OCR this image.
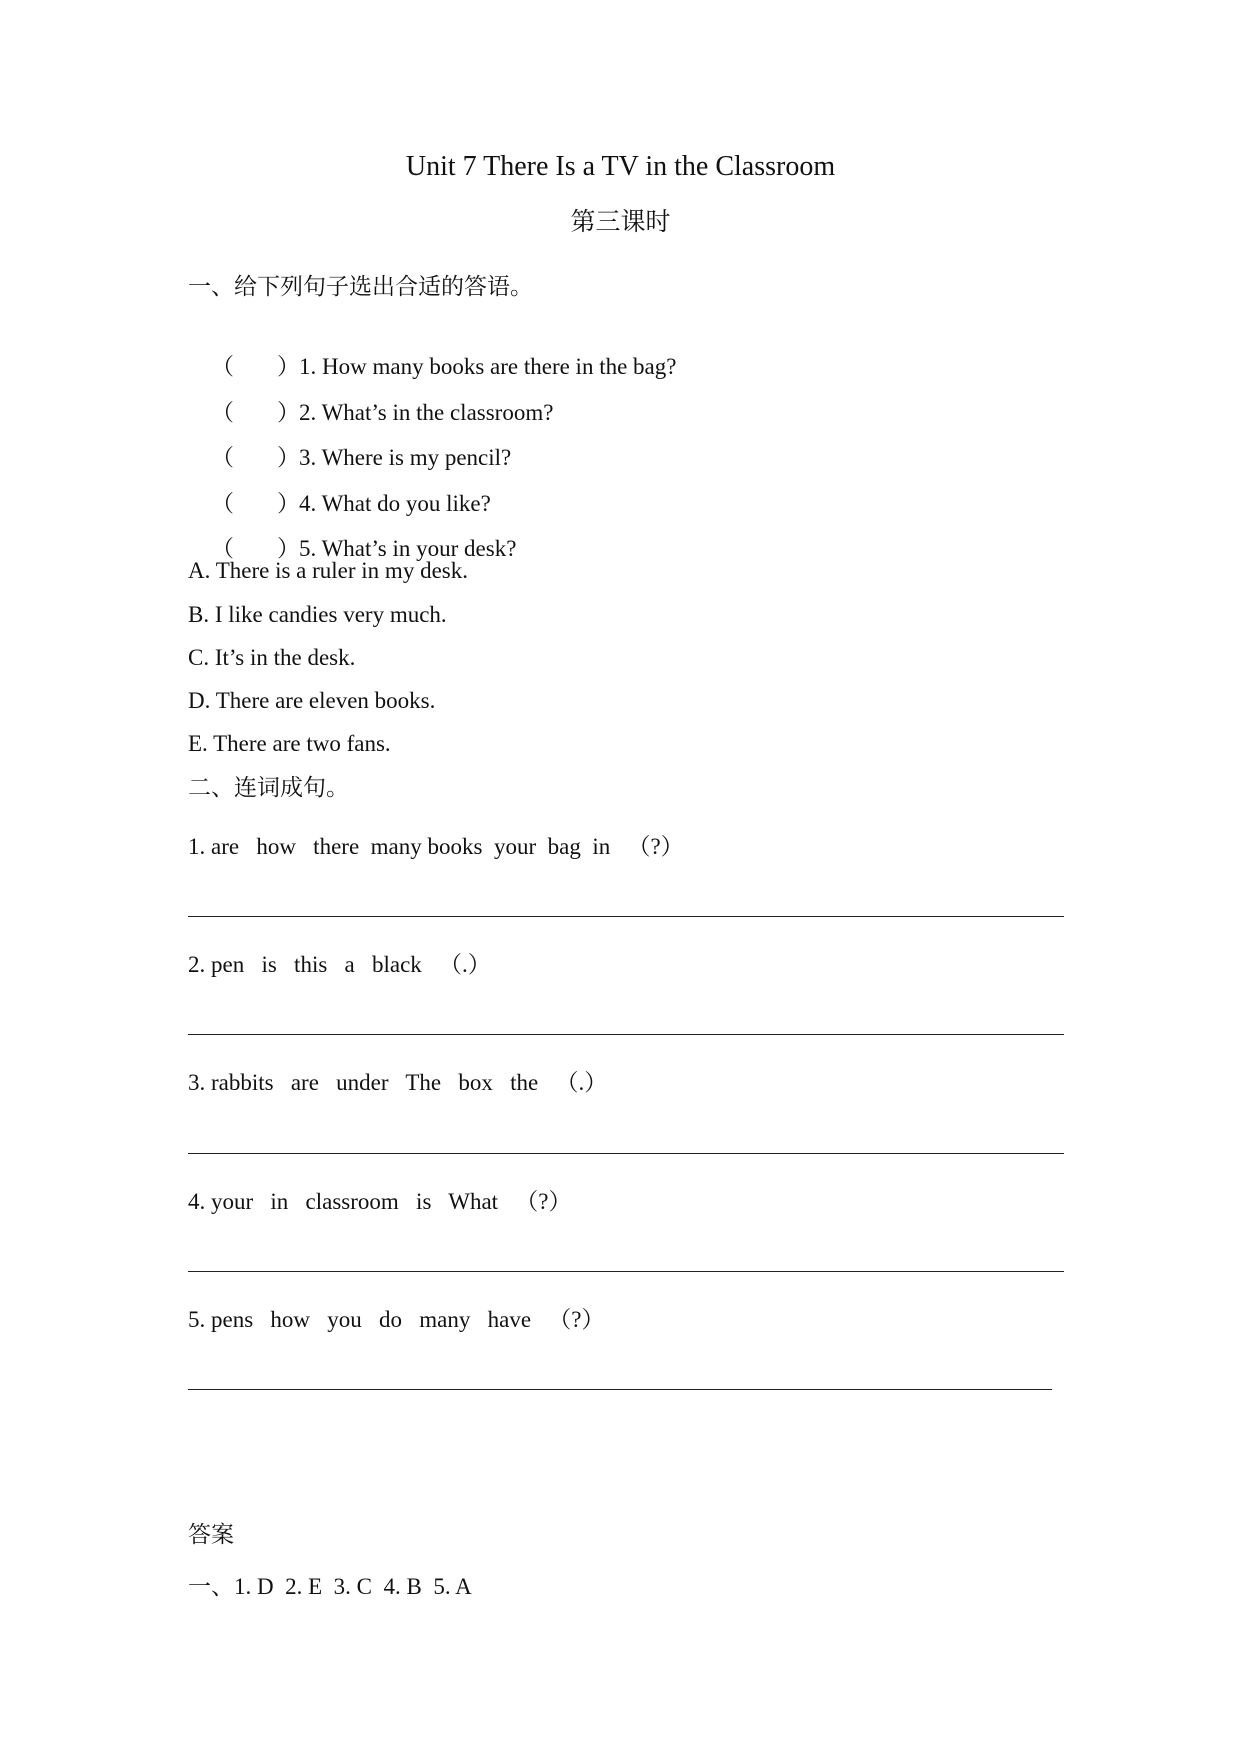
Unit 7 There Is a TV in the Classroom
第三课时
一、给下列句子选出合适的答语。

（ ）1. How many books are there in the bag?

（ ）2. What’s in the classroom?

（ ）3. Where is my pencil?

（ ）4. What do you like?

（ ）5. What’s in your desk?

A. There is a ruler in my desk.
B. I like candies very much.
C. It’s in the desk.
D. There are eleven books.
E. There are two fans.
二、连词成句。
1. are   how   there  many books  your  bag  in   （?）
2. pen   is   this   a   black   （.）
3. rabbits   are   under   The   box   the   （.）
4. your   in   classroom   is   What   （?）
5. pens   how   you   do   many   have   （?）
答案
一、1. D  2. E  3. C  4. B  5. A
